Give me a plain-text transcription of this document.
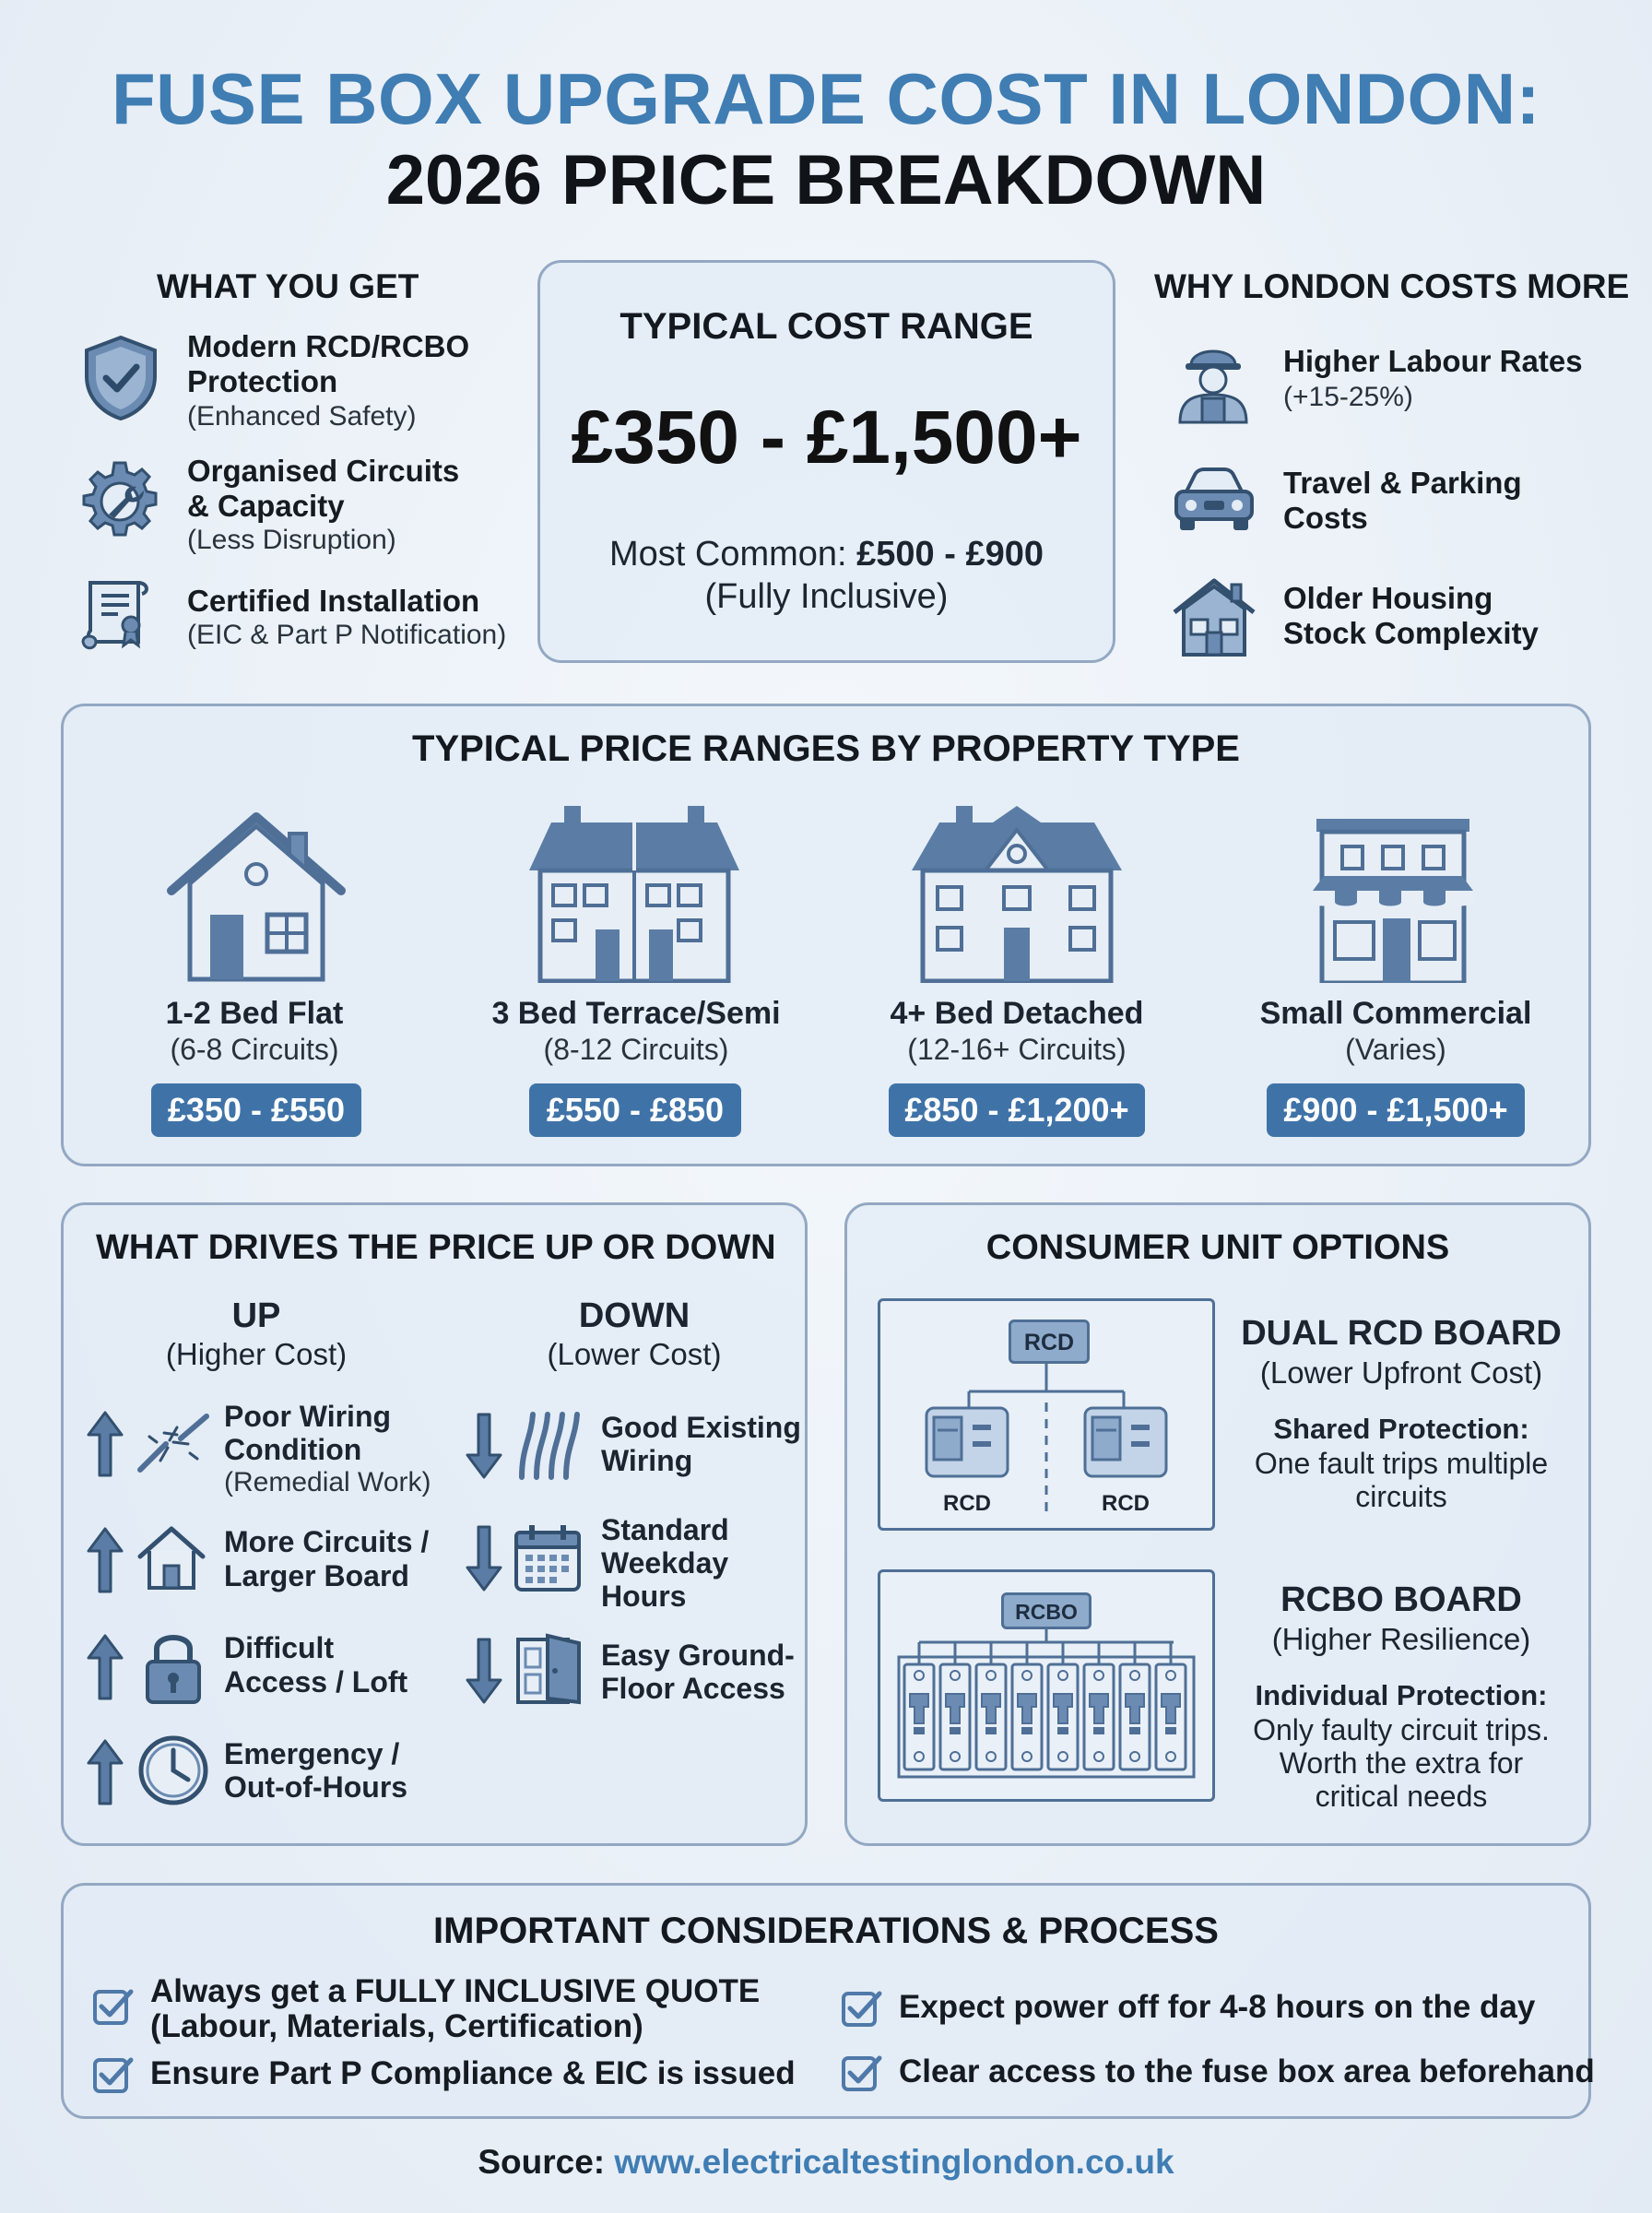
FUSE BOX UPGRADE COST IN LONDON:
2026 PRICE BREAKDOWN
WHAT YOU GET
Modern RCD/RCBO
Protection
(Enhanced Safety)
Organised Circuits
& Capacity
(Less Disruption)
Certified Installation
(EIC & Part P Notification)
TYPICAL COST RANGE
£350 - £1,500+
Most Common: £500 - £900
(Fully Inclusive)
WHY LONDON COSTS MORE
Higher Labour Rates
(+15-25%)
Travel & Parking
Costs
Older Housing
Stock Complexity
TYPICAL PRICE RANGES BY PROPERTY TYPE
1-2 Bed Flat
(6-8 Circuits)
£350 - £550
3 Bed Terrace/Semi
(8-12 Circuits)
£550 - £850
4+ Bed Detached
(12-16+ Circuits)
£850 - £1,200+
Small Commercial
(Varies)
£900 - £1,500+
WHAT DRIVES THE PRICE UP OR DOWN
UP
(Higher Cost)
DOWN
(Lower Cost)
Poor Wiring
Condition
(Remedial Work)
More Circuits /
Larger Board
Difficult
Access / Loft
Emergency /
Out-of-Hours
Good Existing
Wiring
Standard
Weekday
Hours
Easy Ground-
Floor Access
CONSUMER UNIT OPTIONS
RCD
RCD	RCD
DUAL RCD BOARD
(Lower Upfront Cost)
Shared Protection:
One fault trips multiple
circuits
RCBO	RCBO BOARD
(Higher Resilience)
Individual Protection:
Only faulty circuit trips.
Worth the extra for
critical needs
IMPORTANT CONSIDERATIONS & PROCESS
Always get a FULLY INCLUSIVE QUOTE
(Labour, Materials, Certification)
Ensure Part P Compliance & EIC is issued
Expect power off for 4-8 hours on the day
Clear access to the fuse box area beforehand
Source: www.electricaltestinglondon.co.uk
